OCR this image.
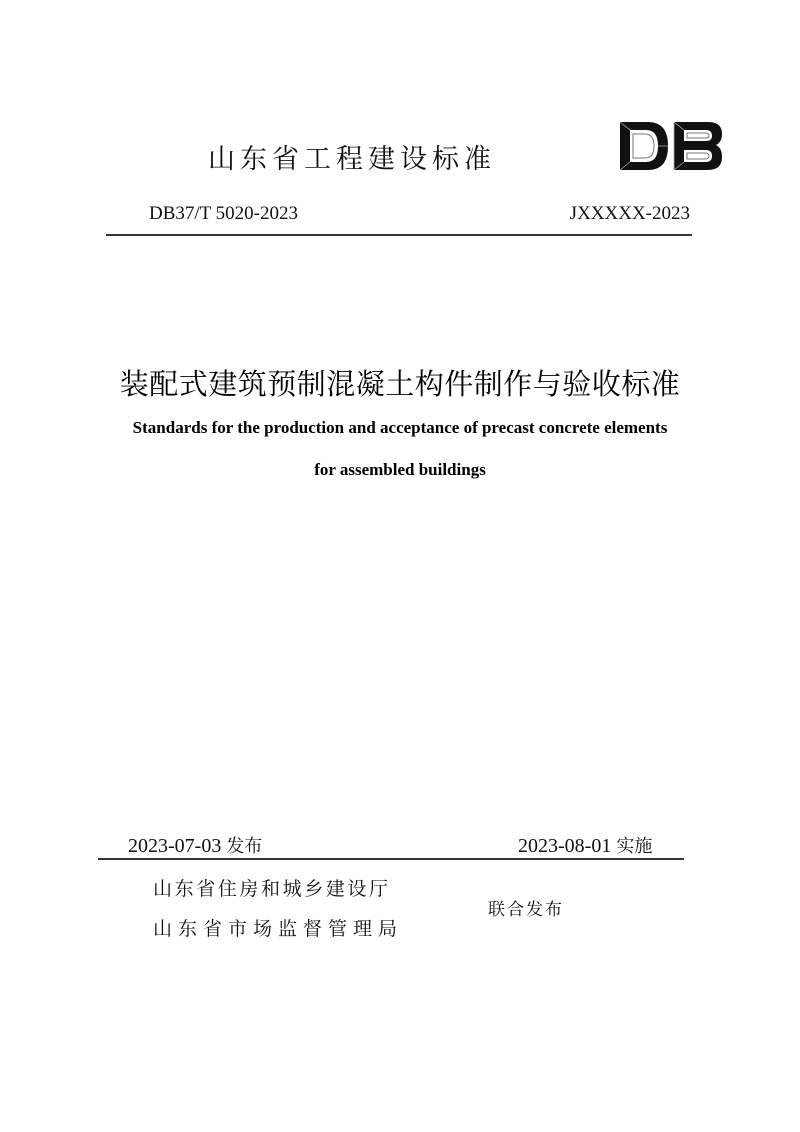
山东省工程建设标准
DB37/T 5020-2023	JXXXXX-2023
装配式建筑预制混凝土构件制作与验收标准
Standards for the production and acceptance of precast concrete elements
for assembled buildings
2023-07-03 发布	2023-08-01 实施
山东省住房和城乡建设厅
山东省市场监督管理局
联合发布
